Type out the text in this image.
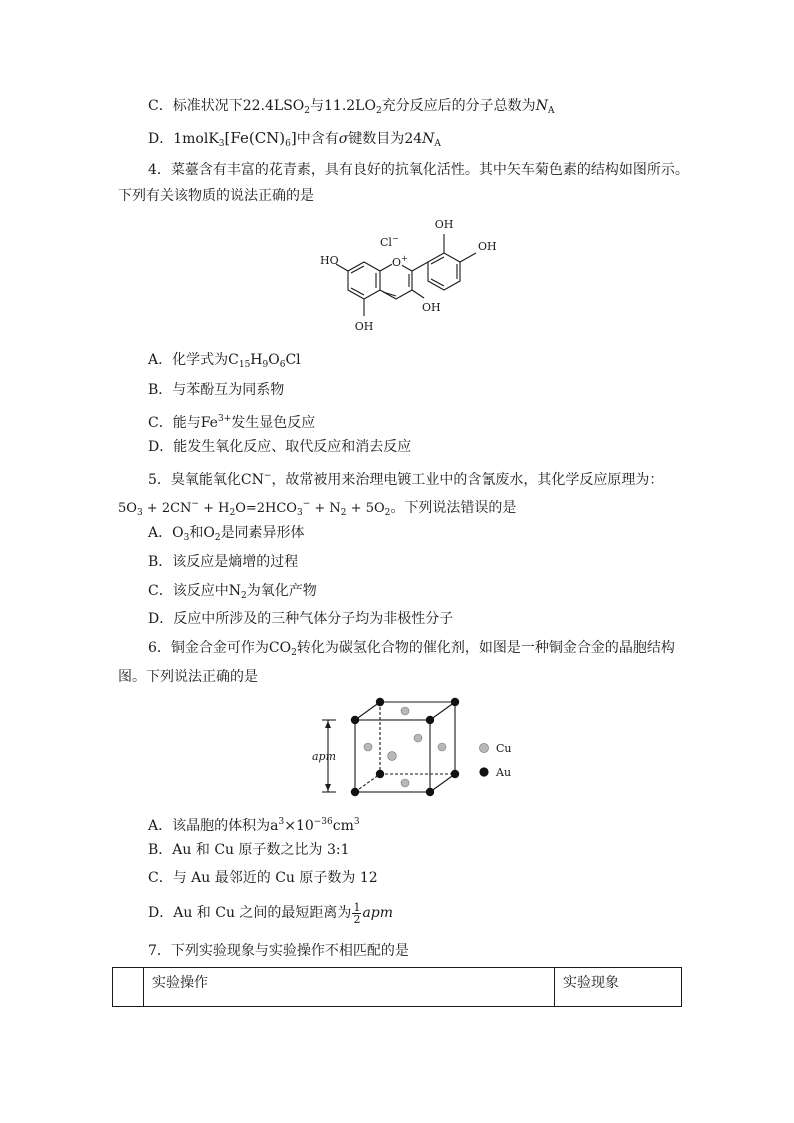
C．标准状况下$22.4LSO_2$与$11.2LO_2$充分反应后的分子总数为$N_A$
D．$1molK_3[Fe(CN)_6]$中含有σ键数目为$24N_A$
4．菜薹含有丰富的花青素，具有良好的抗氧化活性。其中矢车菊色素的结构如图所示。
下列有关该物质的说法正确的是
OH
OH
HO
OH
OH
Cl−
O+
A．化学式为$C_{15}H_9O_6Cl$
B．与苯酚互为同系物
C．能与$Fe^{3+}$发生显色反应
D．能发生氧化反应、取代反应和消去反应
5．臭氧能氧化CN−，故常被用来治理电镀工业中的含氰废水，其化学反应原理为：
$5O_3 + 2CN^- + H_2O=2HCO_3^- + N_2 + 5O_2$。下列说法错误的是
A．$O_3$和$O_2$是同素异形体
B．该反应是熵增的过程
C．该反应中$N_2$为氧化产物
D．反应中所涉及的三种气体分子均为非极性分子
6．铜金合金可作为$CO_2$转化为碳氢化合物的催化剂，如图是一种铜金合金的晶胞结构
图。下列说法正确的是
apm
Cu
Au
A．该晶胞的体积为$a^3\times 10^{-36}cm^3$
B．Au 和 Cu 原子数之比为 3:1
C．与 Au 最邻近的 Cu 原子数为 12
D．Au 和 Cu 之间的最短距离为 $\frac{1}{2}$ apm
7．下列实验现象与实验操作不相匹配的是
	实验操作	实验现象
